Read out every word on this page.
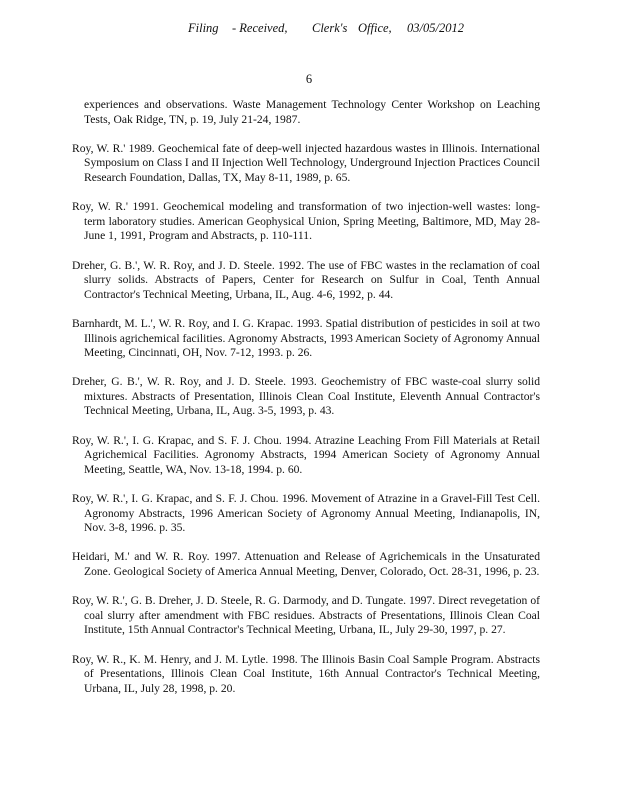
Filing - Received, Clerk's Office, 03/05/2012
6

experiences and observations. Waste Management Technology Center Workshop on Leaching Tests, Oak Ridge, TN, p. 19, July 21-24, 1987.

Roy, W. R.' 1989. Geochemical fate of deep-well injected hazardous wastes in Illinois. International Symposium on Class I and II Injection Well Technology, Underground Injection Practices Council Research Foundation, Dallas, TX, May 8-11, 1989, p. 65.

Roy, W. R.' 1991. Geochemical modeling and transformation of two injection-well wastes: long-term laboratory studies. American Geophysical Union, Spring Meeting, Baltimore, MD, May 28-June 1, 1991, Program and Abstracts, p. 110-111.

Dreher, G. B.', W. R. Roy, and J. D. Steele. 1992. The use of FBC wastes in the reclamation of coal slurry solids. Abstracts of Papers, Center for Research on Sulfur in Coal, Tenth Annual Contractor's Technical Meeting, Urbana, IL, Aug. 4-6, 1992, p. 44.

Barnhardt, M. L.', W. R. Roy, and I. G. Krapac. 1993. Spatial distribution of pesticides in soil at two Illinois agrichemical facilities. Agronomy Abstracts, 1993 American Society of Agronomy Annual Meeting, Cincinnati, OH, Nov. 7-12, 1993. p. 26.

Dreher, G. B.', W. R. Roy, and J. D. Steele. 1993. Geochemistry of FBC waste-coal slurry solid mixtures. Abstracts of Presentation, Illinois Clean Coal Institute, Eleventh Annual Contractor's Technical Meeting, Urbana, IL, Aug. 3-5, 1993, p. 43.

Roy, W. R.', I. G. Krapac, and S. F. J. Chou. 1994. Atrazine Leaching From Fill Materials at Retail Agrichemical Facilities. Agronomy Abstracts, 1994 American Society of Agronomy Annual Meeting, Seattle, WA, Nov. 13-18, 1994. p. 60.

Roy, W. R.', I. G. Krapac, and S. F. J. Chou. 1996. Movement of Atrazine in a Gravel-Fill Test Cell. Agronomy Abstracts, 1996 American Society of Agronomy Annual Meeting, Indianapolis, IN, Nov. 3-8, 1996. p. 35.

Heidari, M.' and W. R. Roy. 1997. Attenuation and Release of Agrichemicals in the Unsaturated Zone. Geological Society of America Annual Meeting, Denver, Colorado, Oct. 28-31, 1996, p. 23.

Roy, W. R.', G. B. Dreher, J. D. Steele, R. G. Darmody, and D. Tungate. 1997. Direct revegetation of coal slurry after amendment with FBC residues. Abstracts of Presentations, Illinois Clean Coal Institute, 15th Annual Contractor's Technical Meeting, Urbana, IL, July 29-30, 1997, p. 27.

Roy, W. R., K. M. Henry, and J. M. Lytle. 1998. The Illinois Basin Coal Sample Program. Abstracts of Presentations, Illinois Clean Coal Institute, 16th Annual Contractor's Technical Meeting, Urbana, IL, July 28, 1998, p. 20.
